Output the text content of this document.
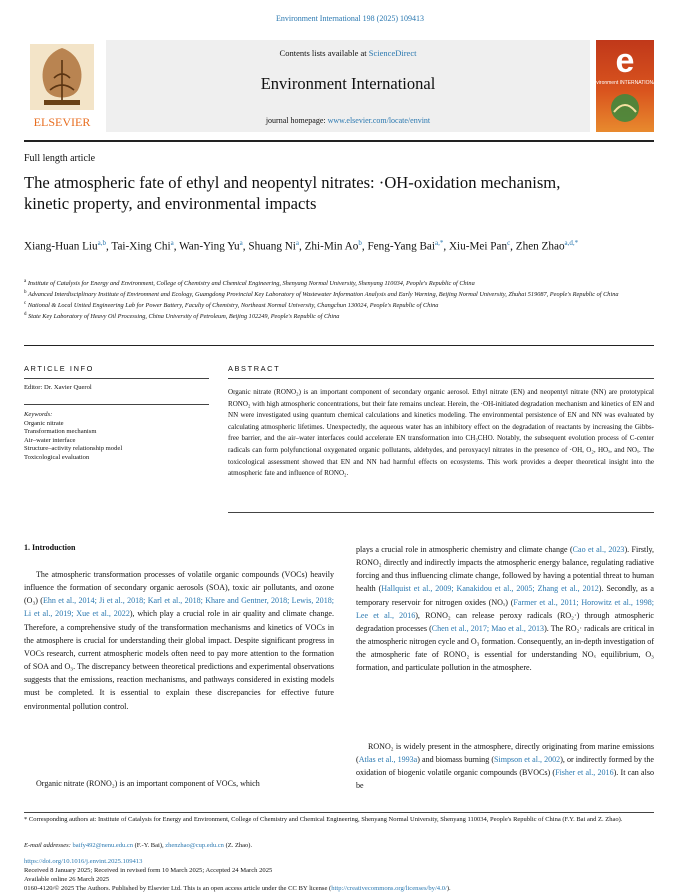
Environment International 198 (2025) 109413
ELSEVIER
Contents lists available at ScienceDirect
Environment International
journal homepage: www.elsevier.com/locate/envint
e
environment INTERNATIONAL
Full length article
The atmospheric fate of ethyl and neopentyl nitrates: ·OH-oxidation mechanism, kinetic property, and environmental impacts
Xiang-Huan Liu$^{a,b}$, Tai-Xing Chi$^a$, Wan-Ying Yu$^a$, Shuang Ni$^a$, Zhi-Min Ao$^b$, Feng-Yang Bai$^{a,*}$, Xiu-Mei Pan$^c$, Zhen Zhao$^{a,d,*}$
$^a$ Institute of Catalysis for Energy and Environment, College of Chemistry and Chemical Engineering, Shenyang Normal University, Shenyang 110034, People's Republic of China
$^b$ Advanced Interdisciplinary Institute of Environment and Ecology, Guangdong Provincial Key Laboratory of Wastewater Information Analysis and Early Warning, Beijing Normal University, Zhuhai 519087, People's Republic of China
$^c$ National & Local United Engineering Lab for Power Battery, Faculty of Chemistry, Northeast Normal University, Changchun 130024, People's Republic of China
$^d$ State Key Laboratory of Heavy Oil Processing, China University of Petroleum, Beijing 102249, People's Republic of China
ARTICLE INFO
Editor: Dr. Xavier Querol
Keywords:
Organic nitrate
Transformation mechanism
Air–water interface
Structure–activity relationship model
Toxicological evaluation
ABSTRACT
Organic nitrate (RONO₂) is an important component of secondary organic aerosol. Ethyl nitrate (EN) and neopentyl nitrate (NN) are prototypical RONO₂ with high atmospheric concentrations, but their fate remains unclear. Herein, the ·OH-initiated degradation mechanism and kinetics of EN and NN were investigated using quantum chemical calculations and kinetics modeling. The environmental persistence of EN and NN was evaluated by calculating atmospheric lifetimes. Unexpectedly, the aqueous water has an inhibitory effect on the degradation of reactants by increasing the Gibbs-free barrier, and the air–water interfaces could accelerate EN transformation into CH₃CHO. Notably, the subsequent evolution process of C-center radicals can form polyfunctional oxygenated organic pollutants, aldehydes, and peroxyacyl nitrates in the presence of ·OH, O₂, HOₓ, and NOₓ. The toxicological assessment showed that EN and NN had harmful effects on ecosystems. This work provides a deeper theoretical insight into the atmospheric fate and influence of RONO₂.
1. Introduction
The atmospheric transformation processes of volatile organic compounds (VOCs) heavily influence the formation of secondary organic aerosols (SOA), toxic air pollutants, and ozone (O₃) (Ehn et al., 2014; Ji et al., 2018; Karl et al., 2018; Khare and Gentner, 2018; Lewis, 2018; Li et al., 2019; Xue et al., 2022), which play a crucial role in air quality and climate change. Therefore, a comprehensive study of the transformation mechanisms and kinetics of VOCs in the atmosphere is crucial for understanding their global impact. Despite significant progress in VOCs research, current atmospheric models often need to pay more attention to the formation of SOA and O₃. The discrepancy between theoretical predictions and experimental observations suggests that the emissions, reaction mechanisms, and pathways considered in existing models must be completed. It is essential to explain these discrepancies for effective future environmental pollution control.
Organic nitrate (RONO₂) is an important component of VOCs, which
plays a crucial role in atmospheric chemistry and climate change (Cao et al., 2023). Firstly, RONO₂ directly and indirectly impacts the atmospheric energy balance, regulating radiative forcing and thus influencing climate change, followed by having a potential threat to human health (Hallquist et al., 2009; Kanakidou et al., 2005; Zhang et al., 2012). Secondly, as a temporary reservoir for nitrogen oxides (NOₓ) (Farmer et al., 2011; Horowitz et al., 1998; Lee et al., 2016), RONO₂ can release peroxy radicals (RO₂·) through atmospheric degradation processes (Chen et al., 2017; Mao et al., 2013). The RO₂· radicals are critical in the atmospheric nitrogen cycle and O₃ formation. Consequently, an in-depth investigation of the atmospheric fate of RONO₂ is essential for understanding NOₓ equilibrium, O₃ formation, and particulate pollution in the atmosphere.
RONO₂ is widely present in the atmosphere, directly originating from marine emissions (Atlas et al., 1993a) and biomass burning (Simpson et al., 2002), or indirectly formed by the oxidation of biogenic volatile organic compounds (BVOCs) (Fisher et al., 2016). It can also be
* Corresponding authors at: Institute of Catalysis for Energy and Environment, College of Chemistry and Chemical Engineering, Shenyang Normal University, Shenyang 110034, People's Republic of China (F.Y. Bai and Z. Zhao).
E-mail addresses: baify492@nenu.edu.cn (F.-Y. Bai), zhenzhao@cup.edu.cn (Z. Zhao).
https://doi.org/10.1016/j.envint.2025.109413
Received 8 January 2025; Received in revised form 10 March 2025; Accepted 24 March 2025
Available online 26 March 2025
0160-4120/© 2025 The Authors. Published by Elsevier Ltd. This is an open access article under the CC BY license (http://creativecommons.org/licenses/by/4.0/).
